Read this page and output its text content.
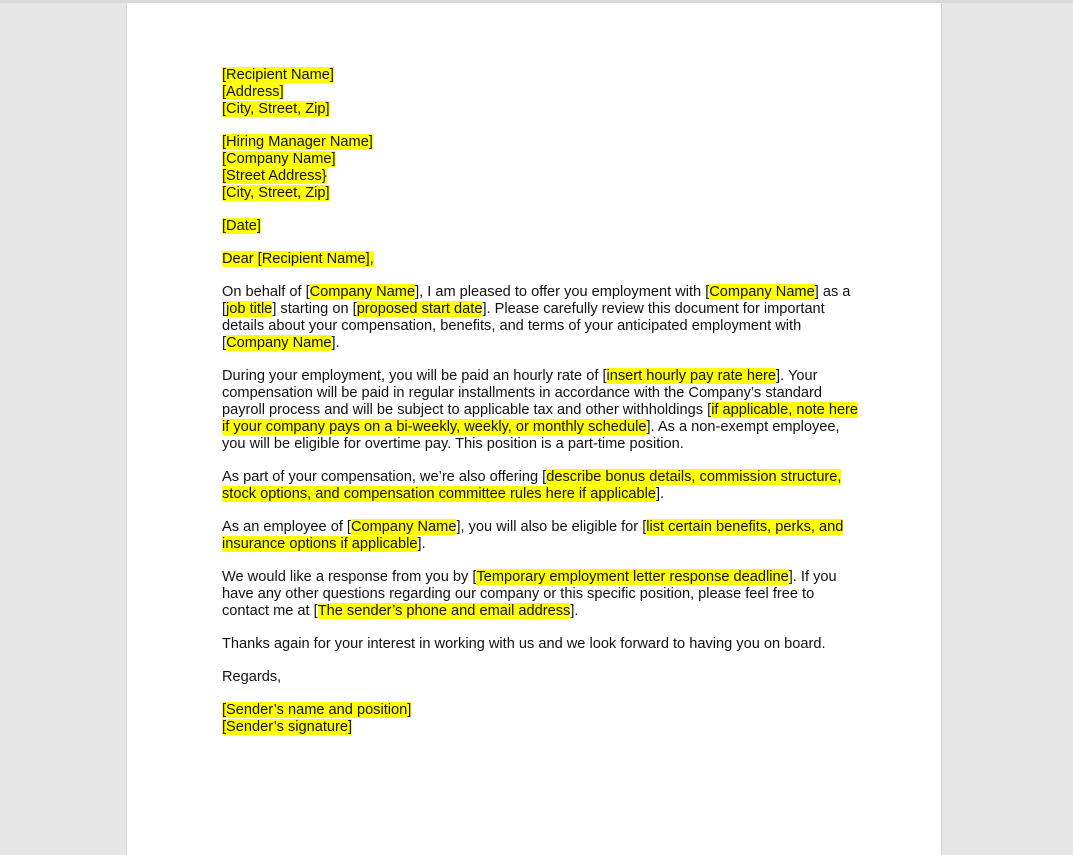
[Recipient Name]
[Address]
[City, Street, Zip]
[Hiring Manager Name]
[Company Name]
[Street Address}
[City, Street, Zip]
[Date]
Dear [Recipient Name],

On behalf of [Company Name], I am pleased to offer you employment with [Company Name] as a [job title] starting on [proposed start date]. Please carefully review this document for important details about your compensation, benefits, and terms of your anticipated employment with [Company Name].

During your employment, you will be paid an hourly rate of [insert hourly pay rate here]. Your compensation will be paid in regular installments in accordance with the Company’s standard payroll process and will be subject to applicable tax and other withholdings [if applicable, note here if your company pays on a bi-weekly, weekly, or monthly schedule]. As a non-exempt employee, you will be eligible for overtime pay. This position is a part-time position.

As part of your compensation, we’re also offering [describe bonus details, commission structure, stock options, and compensation committee rules here if applicable].

As an employee of [Company Name], you will also be eligible for [list certain benefits, perks, and insurance options if applicable].

We would like a response from you by [Temporary employment letter response deadline]. If you have any other questions regarding our company or this specific position, please feel free to contact me at [The sender’s phone and email address].

Thanks again for your interest in working with us and we look forward to having you on board.

Regards,
[Sender’s name and position]
[Sender’s signature]
